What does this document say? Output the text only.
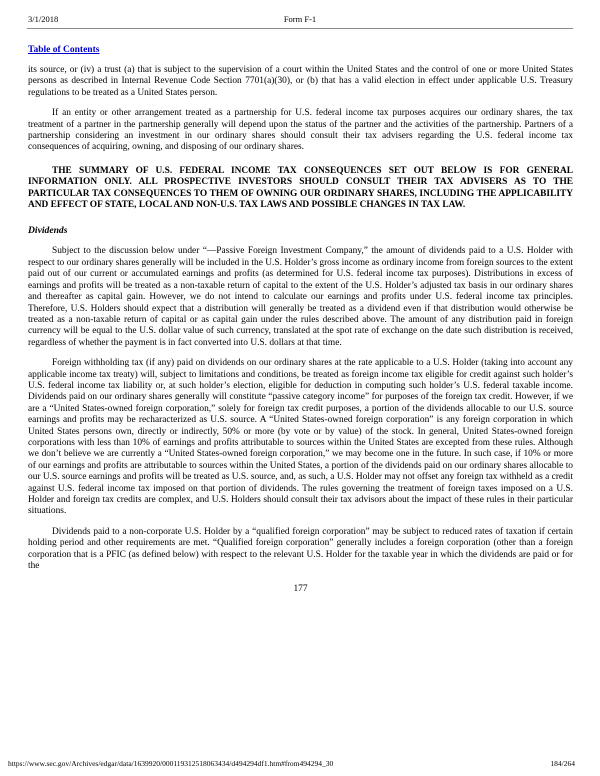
3/1/2018	Form F-1
Table of Contents

its source, or (iv) a trust (a) that is subject to the supervision of a court within the United States and the control of one or more United States persons as described in Internal Revenue Code Section 7701(a)(30), or (b) that has a valid election in effect under applicable U.S. Treasury regulations to be treated as a United States person.

If an entity or other arrangement treated as a partnership for U.S. federal income tax purposes acquires our ordinary shares, the tax treatment of a partner in the partnership generally will depend upon the status of the partner and the activities of the partnership. Partners of a partnership considering an investment in our ordinary shares should consult their tax advisers regarding the U.S. federal income tax consequences of acquiring, owning, and disposing of our ordinary shares.

THE SUMMARY OF U.S. FEDERAL INCOME TAX CONSEQUENCES SET OUT BELOW IS FOR GENERAL INFORMATION ONLY. ALL PROSPECTIVE INVESTORS SHOULD CONSULT THEIR TAX ADVISERS AS TO THE PARTICULAR TAX CONSEQUENCES TO THEM OF OWNING OUR ORDINARY SHARES, INCLUDING THE APPLICABILITY AND EFFECT OF STATE, LOCAL AND NON-U.S. TAX LAWS AND POSSIBLE CHANGES IN TAX LAW.

Dividends

Subject to the discussion below under “—Passive Foreign Investment Company,” the amount of dividends paid to a U.S. Holder with respect to our ordinary shares generally will be included in the U.S. Holder’s gross income as ordinary income from foreign sources to the extent paid out of our current or accumulated earnings and profits (as determined for U.S. federal income tax purposes). Distributions in excess of earnings and profits will be treated as a non-taxable return of capital to the extent of the U.S. Holder’s adjusted tax basis in our ordinary shares and thereafter as capital gain. However, we do not intend to calculate our earnings and profits under U.S. federal income tax principles. Therefore, U.S. Holders should expect that a distribution will generally be treated as a dividend even if that distribution would otherwise be treated as a non-taxable return of capital or as capital gain under the rules described above. The amount of any distribution paid in foreign currency will be equal to the U.S. dollar value of such currency, translated at the spot rate of exchange on the date such distribution is received, regardless of whether the payment is in fact converted into U.S. dollars at that time.

Foreign withholding tax (if any) paid on dividends on our ordinary shares at the rate applicable to a U.S. Holder (taking into account any applicable income tax treaty) will, subject to limitations and conditions, be treated as foreign income tax eligible for credit against such holder’s U.S. federal income tax liability or, at such holder’s election, eligible for deduction in computing such holder’s U.S. federal taxable income. Dividends paid on our ordinary shares generally will constitute “passive category income” for purposes of the foreign tax credit. However, if we are a “United States-owned foreign corporation,” solely for foreign tax credit purposes, a portion of the dividends allocable to our U.S. source earnings and profits may be recharacterized as U.S. source. A “United States-owned foreign corporation” is any foreign corporation in which United States persons own, directly or indirectly, 50% or more (by vote or by value) of the stock. In general, United States-owned foreign corporations with less than 10% of earnings and profits attributable to sources within the United States are excepted from these rules. Although we don’t believe we are currently a “United States-owned foreign corporation,” we may become one in the future. In such case, if 10% or more of our earnings and profits are attributable to sources within the United States, a portion of the dividends paid on our ordinary shares allocable to our U.S. source earnings and profits will be treated as U.S. source, and, as such, a U.S. Holder may not offset any foreign tax withheld as a credit against U.S. federal income tax imposed on that portion of dividends. The rules governing the treatment of foreign taxes imposed on a U.S. Holder and foreign tax credits are complex, and U.S. Holders should consult their tax advisors about the impact of these rules in their particular situations.

Dividends paid to a non-corporate U.S. Holder by a “qualified foreign corporation” may be subject to reduced rates of taxation if certain holding period and other requirements are met. “Qualified foreign corporation” generally includes a foreign corporation (other than a foreign corporation that is a PFIC (as defined below) with respect to the relevant U.S. Holder for the taxable year in which the dividends are paid or for the

177
https://www.sec.gov/Archives/edgar/data/1639920/000119312518063434/d494294df1.htm#from494294_30	184/264
